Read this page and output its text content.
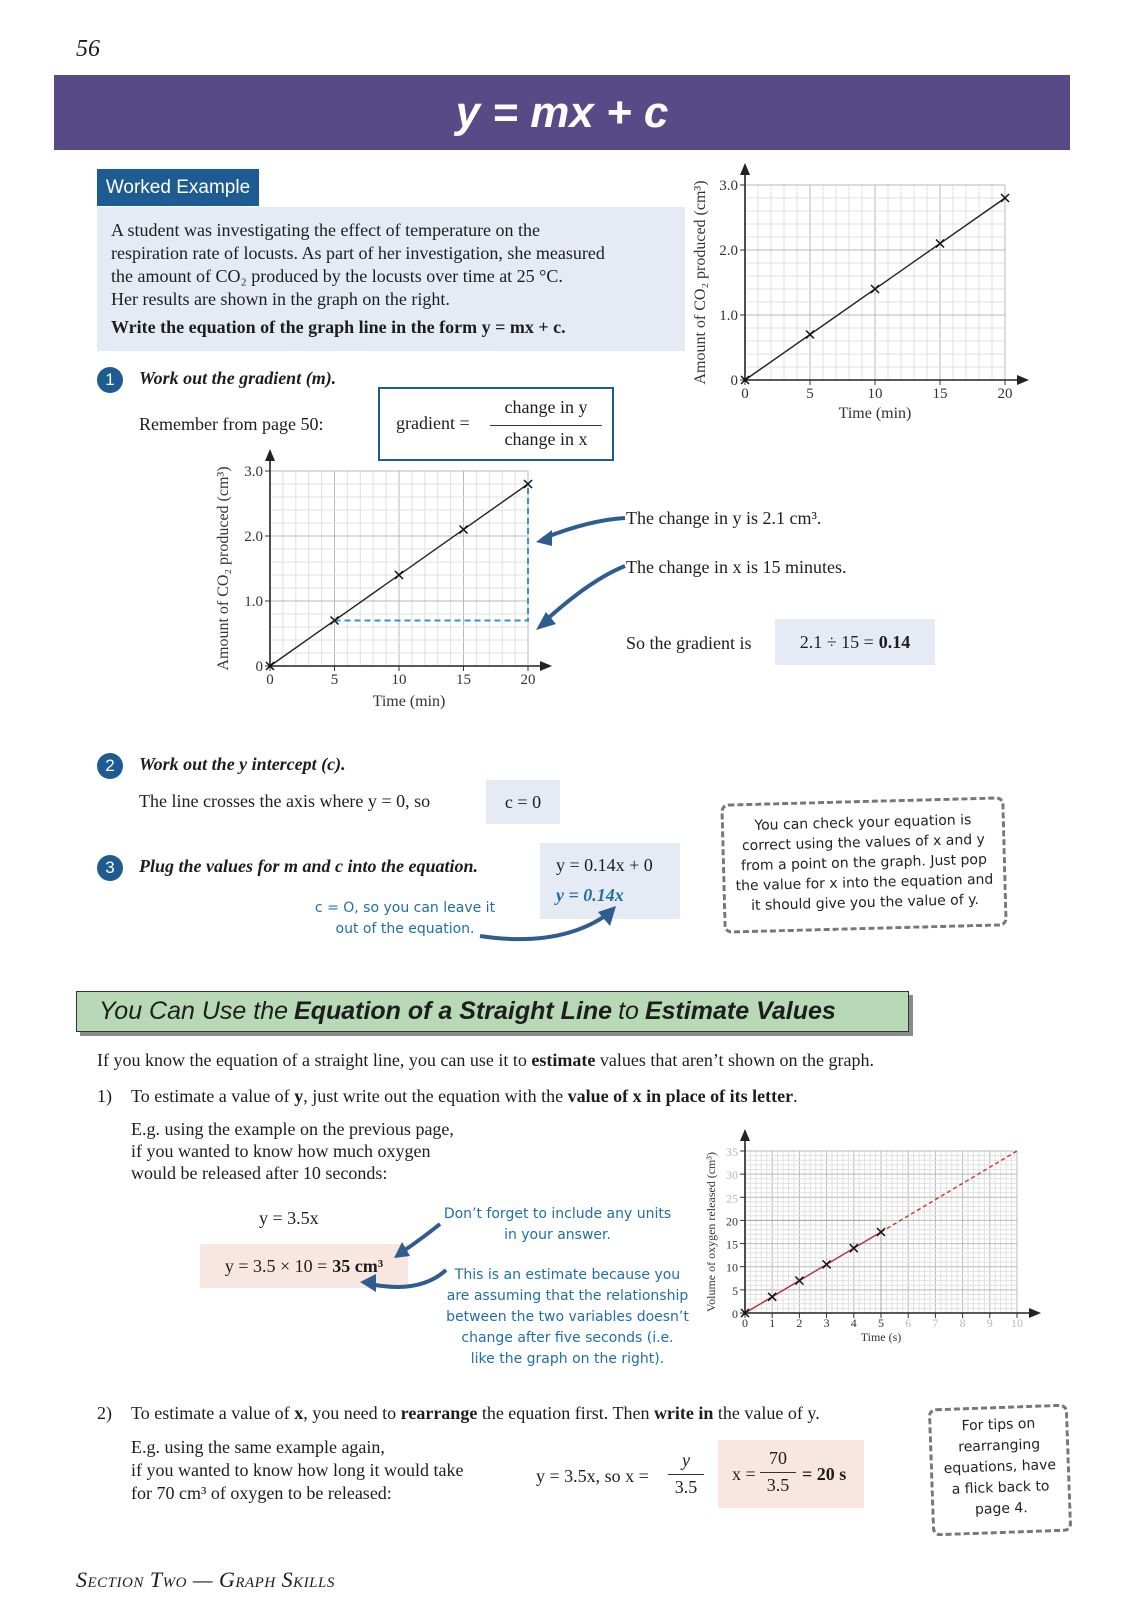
56
y = mx + c
Worked Example

A student was investigating the effect of temperature on the

respiration rate of locusts. As part of her investigation, she measured

the amount of CO₂ produced by the locusts over time at 25 °C.

Her results are shown in the graph on the right.

Write the equation of the graph line in the form y = mx + c.

0	5	10	15	20
0
1.0
2.0
3.0
Time (min)
Amount of CO₂ produced (cm³)
1	Work out the gradient (m).
Remember from page 50:	gradient =
change in y
change in x
0	5	10	15	20
0
1.0
2.0
3.0
Time (min)
Amount of CO₂ produced (cm³)	The change in y is 2.1 cm³.
The change in x is 15 minutes.
So the gradient is	2.1 ÷ 15 = 0.14
2	Work out the y intercept (c).
The line crosses the axis where y = 0, so	c = 0
3	Plug the values for m and c into the equation.	y = 0.14x + 0
y = 0.14x
c = O, so you can leave it
out of the equation.
You can check your equation is
correct using the values of x and y
from a point on the graph. Just pop
the value for x into the equation and
it should give you the value of y.
You Can Use the Equation of a Straight Line to Estimate Values
If you know the equation of a straight line, you can use it to estimate values that aren’t shown on the graph.
1) To estimate a value of y, just write out the equation with the value of x in place of its letter.
E.g. using the example on the previous page,
if you wanted to know how much oxygen
would be released after 10 seconds:
y = 3.5x
y = 3.5 × 10 = 35 cm³
Don’t forget to include any units
in your answer.
This is an estimate because you
are assuming that the relationship
between the two variables doesn’t
change after five seconds (i.e.
like the graph on the right).
0 1 2 3 4 5 6 7 8 9 10
0
5
10
15
20
25
30
35
Time (s)
Volume of oxygen released (cm³)
2) To estimate a value of x, you need to rearrange the equation first. Then write in the value of y.
E.g. using the same example again,
if you wanted to know how long it would take
for 70 cm³ of oxygen to be released:
y = 3.5x, so x =
y
3.5
x =
70
3.5
= 20 s
For tips on
rearranging
equations, have
a flick back to
page 4.
Section Two — Graph Skills
